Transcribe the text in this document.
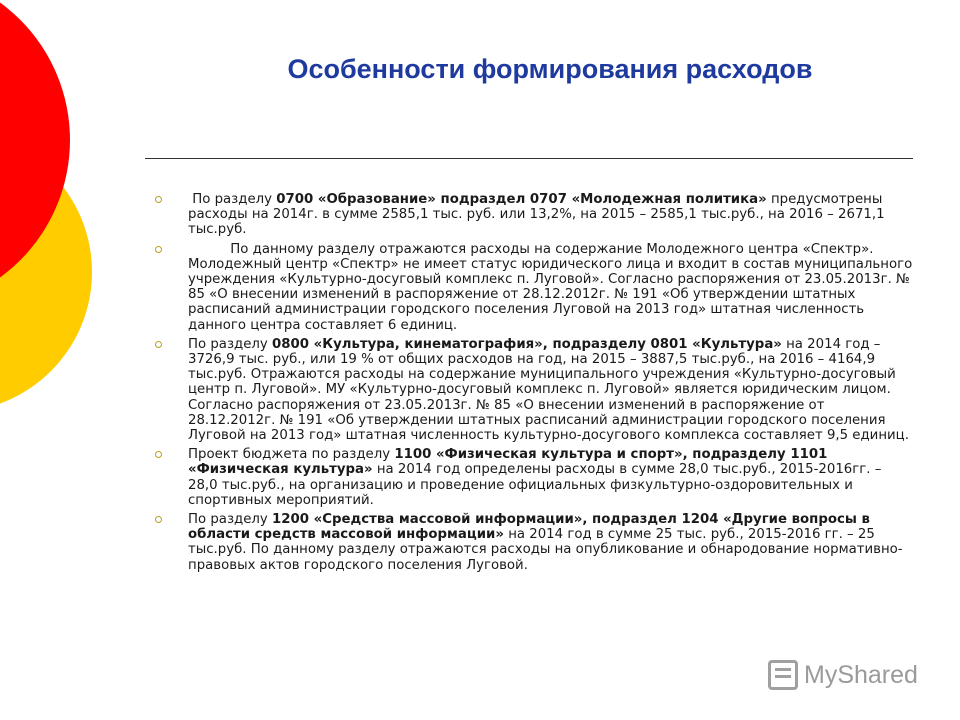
Особенности формирования расходов
По разделу 0700 «Образование» подраздел 0707 «Молодежная политика» предусмотрены расходы на 2014г. в сумме 2585,1 тыс. руб. или 13,2%, на 2015 – 2585,1 тыс.руб., на 2016 – 2671,1 тыс.руб.
По данному разделу отражаются расходы на содержание Молодежного центра «Спектр». Молодежный центр «Спектр» не имеет статус юридического лица и входит в состав муниципального учреждения «Культурно-досуговый комплекс п. Луговой». Согласно распоряжения от 23.05.2013г. № 85 «О внесении изменений в распоряжение от 28.12.2012г. № 191 «Об утверждении штатных расписаний администрации городского поселения Луговой на 2013 год» штатная численность данного центра составляет 6 единиц.
По разделу 0800 «Культура, кинематография», подразделу 0801 «Культура» на 2014 год – 3726,9 тыс. руб., или 19 % от общих расходов на год, на 2015 – 3887,5 тыс.руб., на 2016 – 4164,9 тыс.руб. Отражаются расходы на содержание муниципального учреждения «Культурно-досуговый центр п. Луговой». МУ «Культурно-досуговый комплекс п. Луговой» является юридическим лицом. Согласно распоряжения от 23.05.2013г. № 85 «О внесении изменений в распоряжение от 28.12.2012г. № 191 «Об утверждении штатных расписаний администрации городского поселения Луговой на 2013 год» штатная численность культурно-досугового комплекса составляет 9,5 единиц.
Проект бюджета по разделу 1100 «Физическая культура и спорт», подразделу 1101 «Физическая культура» на 2014 год определены расходы в сумме 28,0 тыс.руб., 2015-2016гг. – 28,0 тыс.руб., на организацию и проведение официальных физкультурно-оздоровительных и спортивных мероприятий.
По разделу 1200 «Средства массовой информации», подраздел 1204 «Другие вопросы в области средств массовой информации» на 2014 год в сумме 25 тыс. руб., 2015-2016 гг. – 25 тыс.руб. По данному разделу отражаются расходы на опубликование и обнародование нормативно-правовых актов городского поселения Луговой.
MyShared
